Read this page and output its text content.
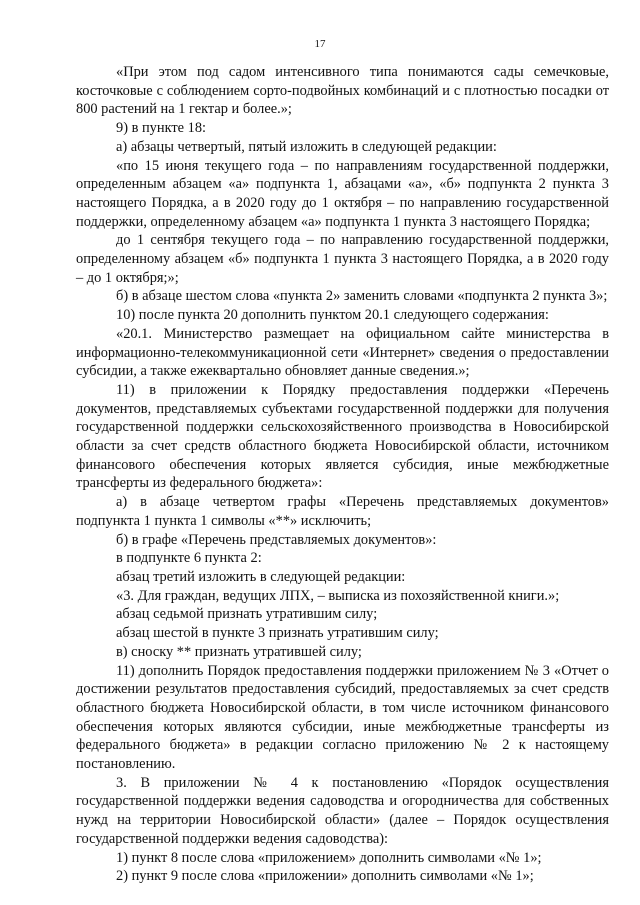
17

«При этом под садом интенсивного типа понимаются сады семечковые, косточковые с соблюдением сорто-подвойных комбинаций и с плотностью посадки от 800 растений на 1 гектар и более.»;

9) в пункте 18:

а) абзацы четвертый, пятый изложить в следующей редакции:

«по 15 июня текущего года – по направлениям государственной поддержки, определенным абзацем «а» подпункта 1, абзацами «а», «б» подпункта 2 пункта 3 настоящего Порядка, а в 2020 году до 1 октября – по направлению государственной поддержки, определенному абзацем «а» подпункта 1 пункта 3 настоящего Порядка;

до 1 сентября текущего года – по направлению государственной поддержки, определенному абзацем «б» подпункта 1 пункта 3 настоящего Порядка, а в 2020 году – до 1 октября;»;

б) в абзаце шестом слова «пункта 2» заменить словами «подпункта 2 пункта 3»;

10) после пункта 20 дополнить пунктом 20.1 следующего содержания:

«20.1. Министерство размещает на официальном сайте министерства в информационно-телекоммуникационной сети «Интернет» сведения о предоставлении субсидии, а также ежеквартально обновляет данные сведения.»;

11) в приложении к Порядку предоставления поддержки «Перечень документов, представляемых субъектами государственной поддержки для получения государственной поддержки сельскохозяйственного производства в Новосибирской области за счет средств областного бюджета Новосибирской области, источником финансового обеспечения которых является субсидия, иные межбюджетные трансферты из федерального бюджета»:

а) в абзаце четвертом графы «Перечень представляемых документов» подпункта 1 пункта 1 символы «**» исключить;

б) в графе «Перечень представляемых документов»:

в подпункте 6 пункта 2:

абзац третий изложить в следующей редакции:

«3. Для граждан, ведущих ЛПХ, – выписка из похозяйственной книги.»;

абзац седьмой признать утратившим силу;

абзац шестой в пункте 3 признать утратившим силу;

в) сноску ** признать утратившей силу;

11) дополнить Порядок предоставления поддержки приложением № 3 «Отчет о достижении результатов предоставления субсидий, предоставляемых за счет средств областного бюджета Новосибирской области, в том числе источником финансового обеспечения которых являются субсидии, иные межбюджетные трансферты из федерального бюджета» в редакции согласно приложению № 2 к настоящему постановлению.

3. В приложении № 4 к постановлению «Порядок осуществления государственной поддержки ведения садоводства и огородничества для собственных нужд на территории Новосибирской области» (далее – Порядок осуществления государственной поддержки ведения садоводства):

1) пункт 8 после слова «приложением» дополнить символами «№ 1»;

2) пункт 9 после слова «приложении» дополнить символами «№ 1»;
